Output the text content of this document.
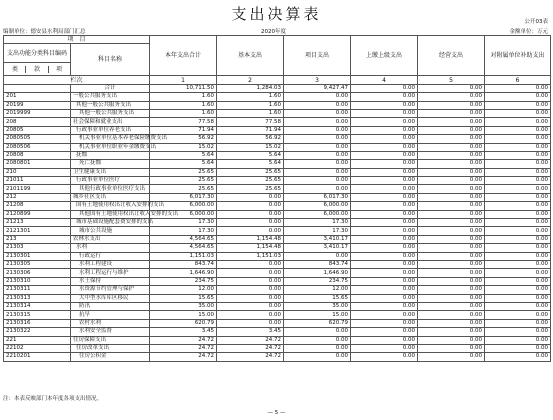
支出决算表	公开03表
编制单位：德安县水利局部门汇总	2020年度	金额单位：万元
项　目		本年支出合计	基本支出	项目支出	上缴上级支出	经营支出	对附属单位补助支出
支出功能分类科目编码	科目名称						
类 款 项							
栏次		1	2	3	4	5	6
	合计	10,711.50	1,284.03	9,427.47	0.00	0.00	0.00
201	一般公共服务支出	1.60	1.60	0.00	0.00	0.00	0.00
20199	其他一般公共服务支出	1.60	1.60	0.00	0.00	0.00	0.00
2019999	其他一般公共服务支出	1.60	1.60	0.00	0.00	0.00	0.00
208	社会保障和就业支出	77.58	77.58	0.00	0.00	0.00	0.00
20805	行政事业单位养老支出	71.94	71.94	0.00	0.00	0.00	0.00
2080505	机关事业单位基本养老保险缴费支出	56.92	56.92	0.00	0.00	0.00	0.00
2080506	机关事业单位职业年金缴费支出	15.02	15.02	0.00	0.00	0.00	0.00
20808	抚恤	5.64	5.64	0.00	0.00	0.00	0.00
2080801	死亡抚恤	5.64	5.64	0.00	0.00	0.00	0.00
210	卫生健康支出	25.65	25.65	0.00	0.00	0.00	0.00
21011	行政事业单位医疗	25.65	25.65	0.00	0.00	0.00	0.00
2101199	其他行政事业单位医疗支出	25.65	25.65	0.00	0.00	0.00	0.00
212	城乡社区支出	6,017.30	0.00	6,017.30	0.00	0.00	0.00
21208	国有土地使用权出让收入安排的支出	6,000.00	0.00	6,000.00	0.00	0.00	0.00
2120899	其他国有土地使用权出让收入安排的支出	6,000.00	0.00	6,000.00	0.00	0.00	0.00
21213	城市基础设施配套费安排的支出	17.30	0.00	17.30	0.00	0.00	0.00
2121301	城市公共设施	17.30	0.00	17.30	0.00	0.00	0.00
213	农林水支出	4,564.65	1,154.48	3,410.17	0.00	0.00	0.00
21303	水利	4,564.65	1,154.48	3,410.17	0.00	0.00	0.00
2130301	行政运行	1,151.03	1,151.03	0.00	0.00	0.00	0.00
2130305	水利工程建设	843.74	0.00	843.74	0.00	0.00	0.00
2130306	水利工程运行与维护	1,646.90	0.00	1,646.90	0.00	0.00	0.00
2130310	水土保持	234.75	0.00	234.75	0.00	0.00	0.00
2130311	水资源节约管理与保护	12.00	0.00	12.00	0.00	0.00	0.00
2130313	大中型水库库区移民	15.65	0.00	15.65	0.00	0.00	0.00
2130314	防汛	35.00	0.00	35.00	0.00	0.00	0.00
2130315	抗旱	15.00	0.00	15.00	0.00	0.00	0.00
2130316	农村水利	620.79	0.00	620.79	0.00	0.00	0.00
2130322	水利安全监督	3.45	3.45	0.00	0.00	0.00	0.00
221	住房保障支出	24.72	24.72	0.00	0.00	0.00	0.00
22102	住房改革支出	24.72	24.72	0.00	0.00	0.00	0.00
2210201	住房公积金	24.72	24.72	0.00	0.00	0.00	0.00
注：本表反映部门本年度各项支出情况。
— 5 —
